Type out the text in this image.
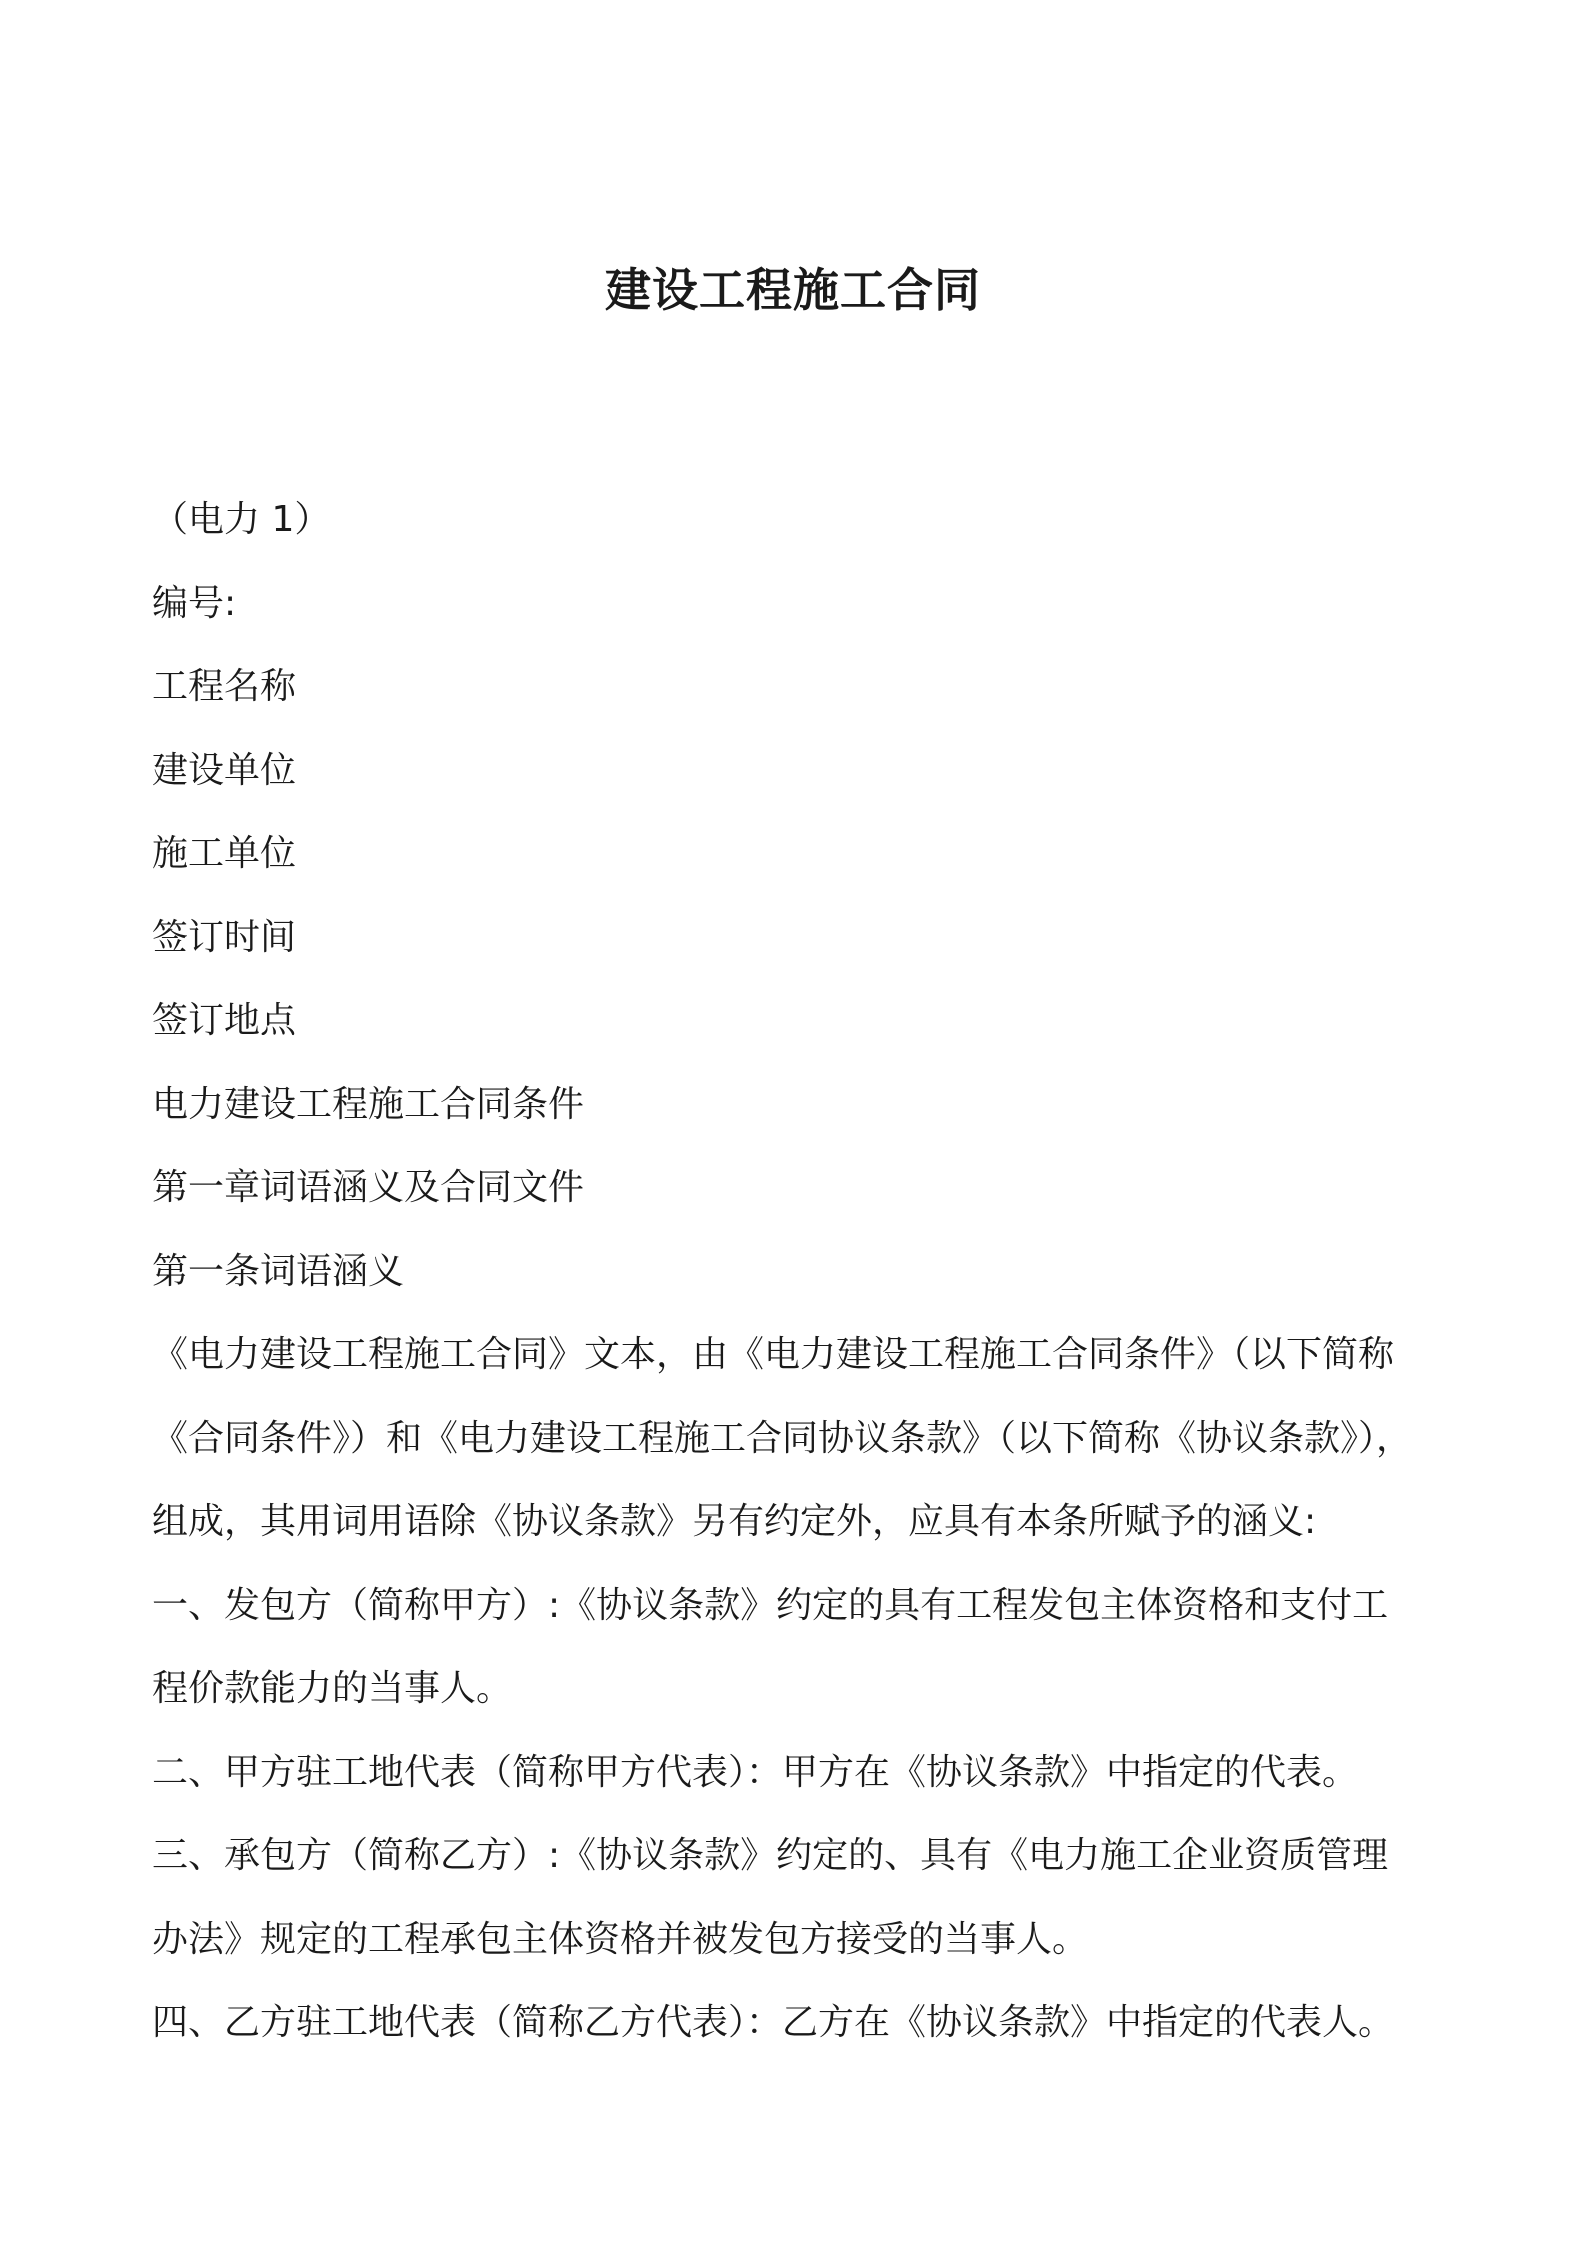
建设工程施工合同
（电力 1）
编号:
工程名称
建设单位
施工单位
签订时间
签订地点
电力建设工程施工合同条件
第一章词语涵义及合同文件
第一条词语涵义
《电力建设工程施工合同》文本，由《电力建设工程施工合同条件》（以下简称
《合同条件》）和《电力建设工程施工合同协议条款》（以下简称《协议条款》），
组成，其用词用语除《协议条款》另有约定外，应具有本条所赋予的涵义:
一、发包方（简称甲方）:《协议条款》约定的具有工程发包主体资格和支付工
程价款能力的当事人。
二、甲方驻工地代表（简称甲方代表）：甲方在《协议条款》中指定的代表。
三、承包方（简称乙方）:《协议条款》约定的、具有《电力施工企业资质管理
办法》规定的工程承包主体资格并被发包方接受的当事人。
四、乙方驻工地代表（简称乙方代表）：乙方在《协议条款》中指定的代表人。
